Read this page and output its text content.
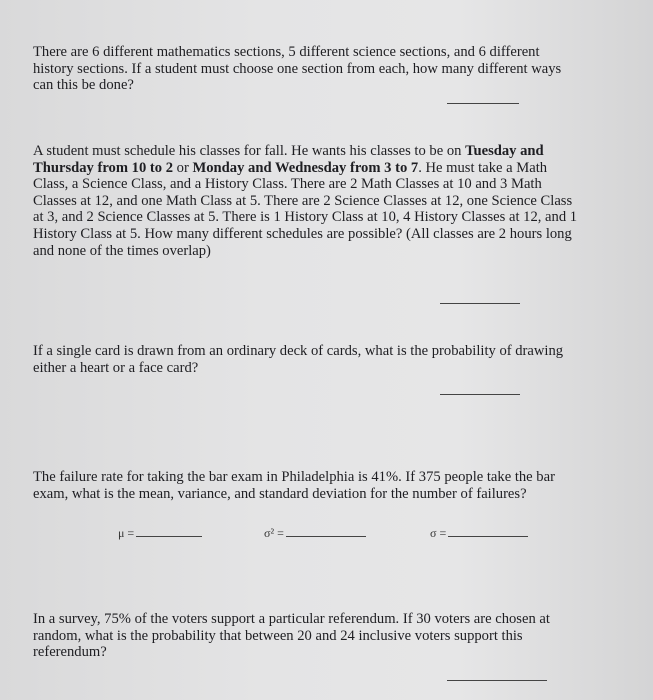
There are 6 different mathematics sections, 5 different science sections, and 6 different history sections. If a student must choose one section from each, how many different ways can this be done?

A student must schedule his classes for fall. He wants his classes to be on Tuesday and Thursday from 10 to 2 or Monday and Wednesday from 3 to 7. He must take a Math Class, a Science Class, and a History Class. There are 2 Math Classes at 10 and 3 Math Classes at 12, and one Math Class at 5. There are 2 Science Classes at 12, one Science Class at 3, and 2 Science Classes at 5. There is 1 History Class at 10, 4 History Classes at 12, and 1 History Class at 5. How many different schedules are possible? (All classes are 2 hours long and none of the times overlap)

If a single card is drawn from an ordinary deck of cards, what is the probability of drawing either a heart or a face card?

The failure rate for taking the bar exam in Philadelphia is 41%. If 375 people take the bar exam, what is the mean, variance, and standard deviation for the number of failures?

μ =	σ² =	σ =

In a survey, 75% of the voters support a particular referendum. If 30 voters are chosen at random, what is the probability that between 20 and 24 inclusive voters support this referendum?
